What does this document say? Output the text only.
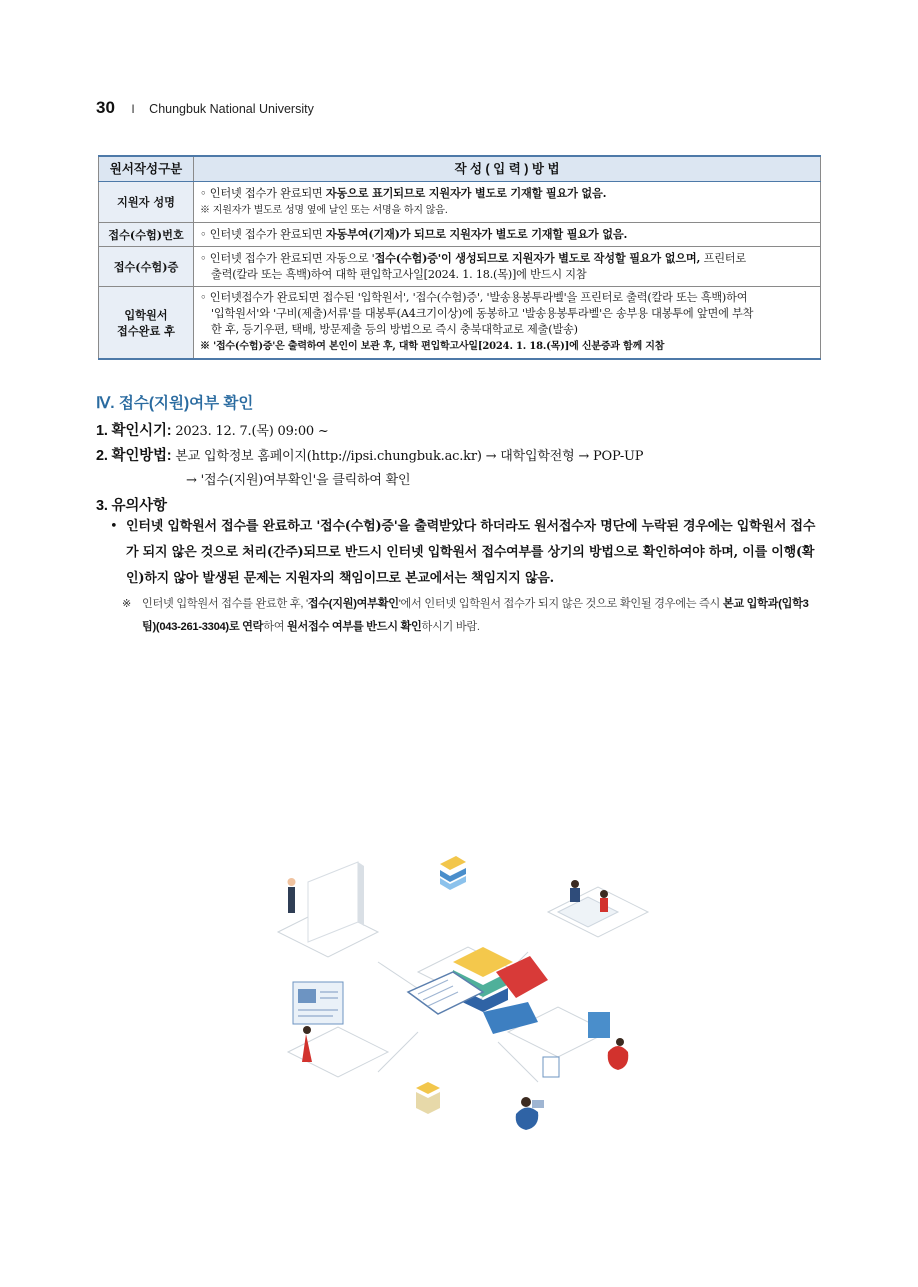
30 I Chungbuk National University
원서작성구분	작 성 ( 입 력 ) 방 법
지원자 성명	◦ 인터넷 접수가 완료되면 자동으로 표기되므로 지원자가 별도로 기재할 필요가 없음.
※ 지원자가 별도로 성명 옆에 날인 또는 서명을 하지 않음.
접수(수험)번호	◦ 인터넷 접수가 완료되면 자동부여(기재)가 되므로 지원자가 별도로 기재할 필요가 없음.
접수(수험)증	◦ 인터넷 접수가 완료되면 자동으로 '접수(수험)증'이 생성되므로 지원자가 별도로 작성할 필요가 없으며, 프린터로
출력(칼라 또는 흑백)하여 대학 편입학고사일[2024. 1. 18.(목)]에 반드시 지참

입학원서
접수완료 후	◦ 인터넷접수가 완료되면 접수된 '입학원서', '접수(수험)증', '발송용봉투라벨'을 프린터로 출력(칼라 또는 흑백)하여
'입학원서'와 '구비(제출)서류'를 대봉투(A4크기이상)에 동봉하고 '발송용봉투라벨'은 송부용 대봉투에 앞면에 부착
한 후, 등기우편, 택배, 방문제출 등의 방법으로 즉시 충북대학교로 제출(발송)
※ '접수(수험)증'은 출력하여 본인이 보관 후, 대학 편입학고사일[2024. 1. 18.(목)]에 신분증과 함께 지참
Ⅳ. 접수(지원)여부 확인
1. 확인시기: 2023. 12. 7.(목) 09:00 ~
2. 확인방법: 본교 입학정보 홈페이지(http://ipsi.chungbuk.ac.kr) → 대학입학전형 → POP-UP
→ '접수(지원)여부확인'을 클릭하여 확인
3. 유의사항
• 인터넷 입학원서 접수를 완료하고 '접수(수험)증'을 출력받았다 하더라도 원서접수자 명단에 누락된 경우에는 입학원서 접수가 되지 않은 것으로 처리(간주)되므로 반드시 인터넷 입학원서 접수여부를 상기의 방법으로 확인하여야 하며, 이를 이행(확인)하지 않아 발생된 문제는 지원자의 책임이므로 본교에서는 책임지지 않음.
※ 인터넷 입학원서 접수를 완료한 후, '접수(지원)여부확인'에서 인터넷 입학원서 접수가 되지 않은 것으로 확인될 경우에는 즉시 본교 입학과(입학3팀)(043-261-3304)로 연락하여 원서접수 여부를 반드시 확인하시기 바람.
